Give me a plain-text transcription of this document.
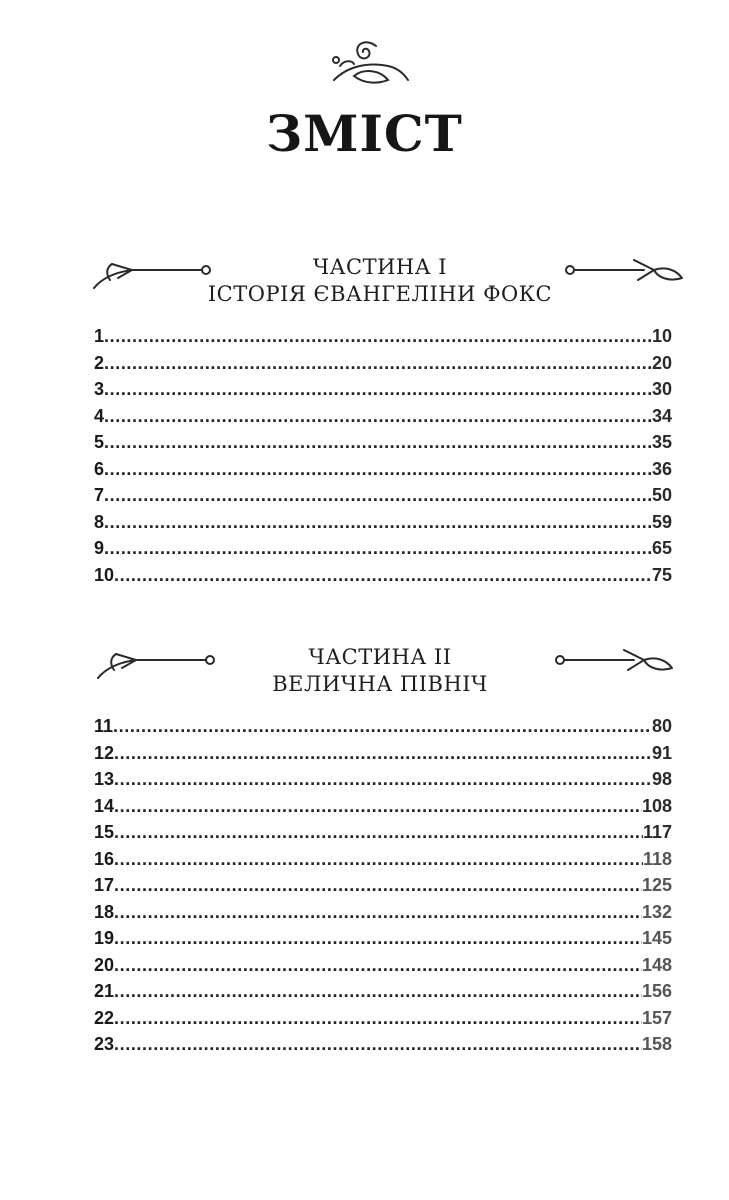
ЗМІСТ
ЧАСТИНА І
ІСТОРІЯ ЄВАНГЕЛІНИ ФОКС
1 .....	10
2 .....	20
3 .....	30
4 .....	34
5 .....	35
6 .....	36
7 .....	50
8 .....	59
9 .....	65
10 .....	75
ЧАСТИНА ІІ
ВЕЛИЧНА ПІВНІЧ
11 .....	80
12 .....	91
13 .....	98
14 .....	108
15 .....	117
16 .....	118
17 .....	125
18 .....	132
19 .....	145
20 .....	148
21 .....	156
22 .....	157
23 .....	158
